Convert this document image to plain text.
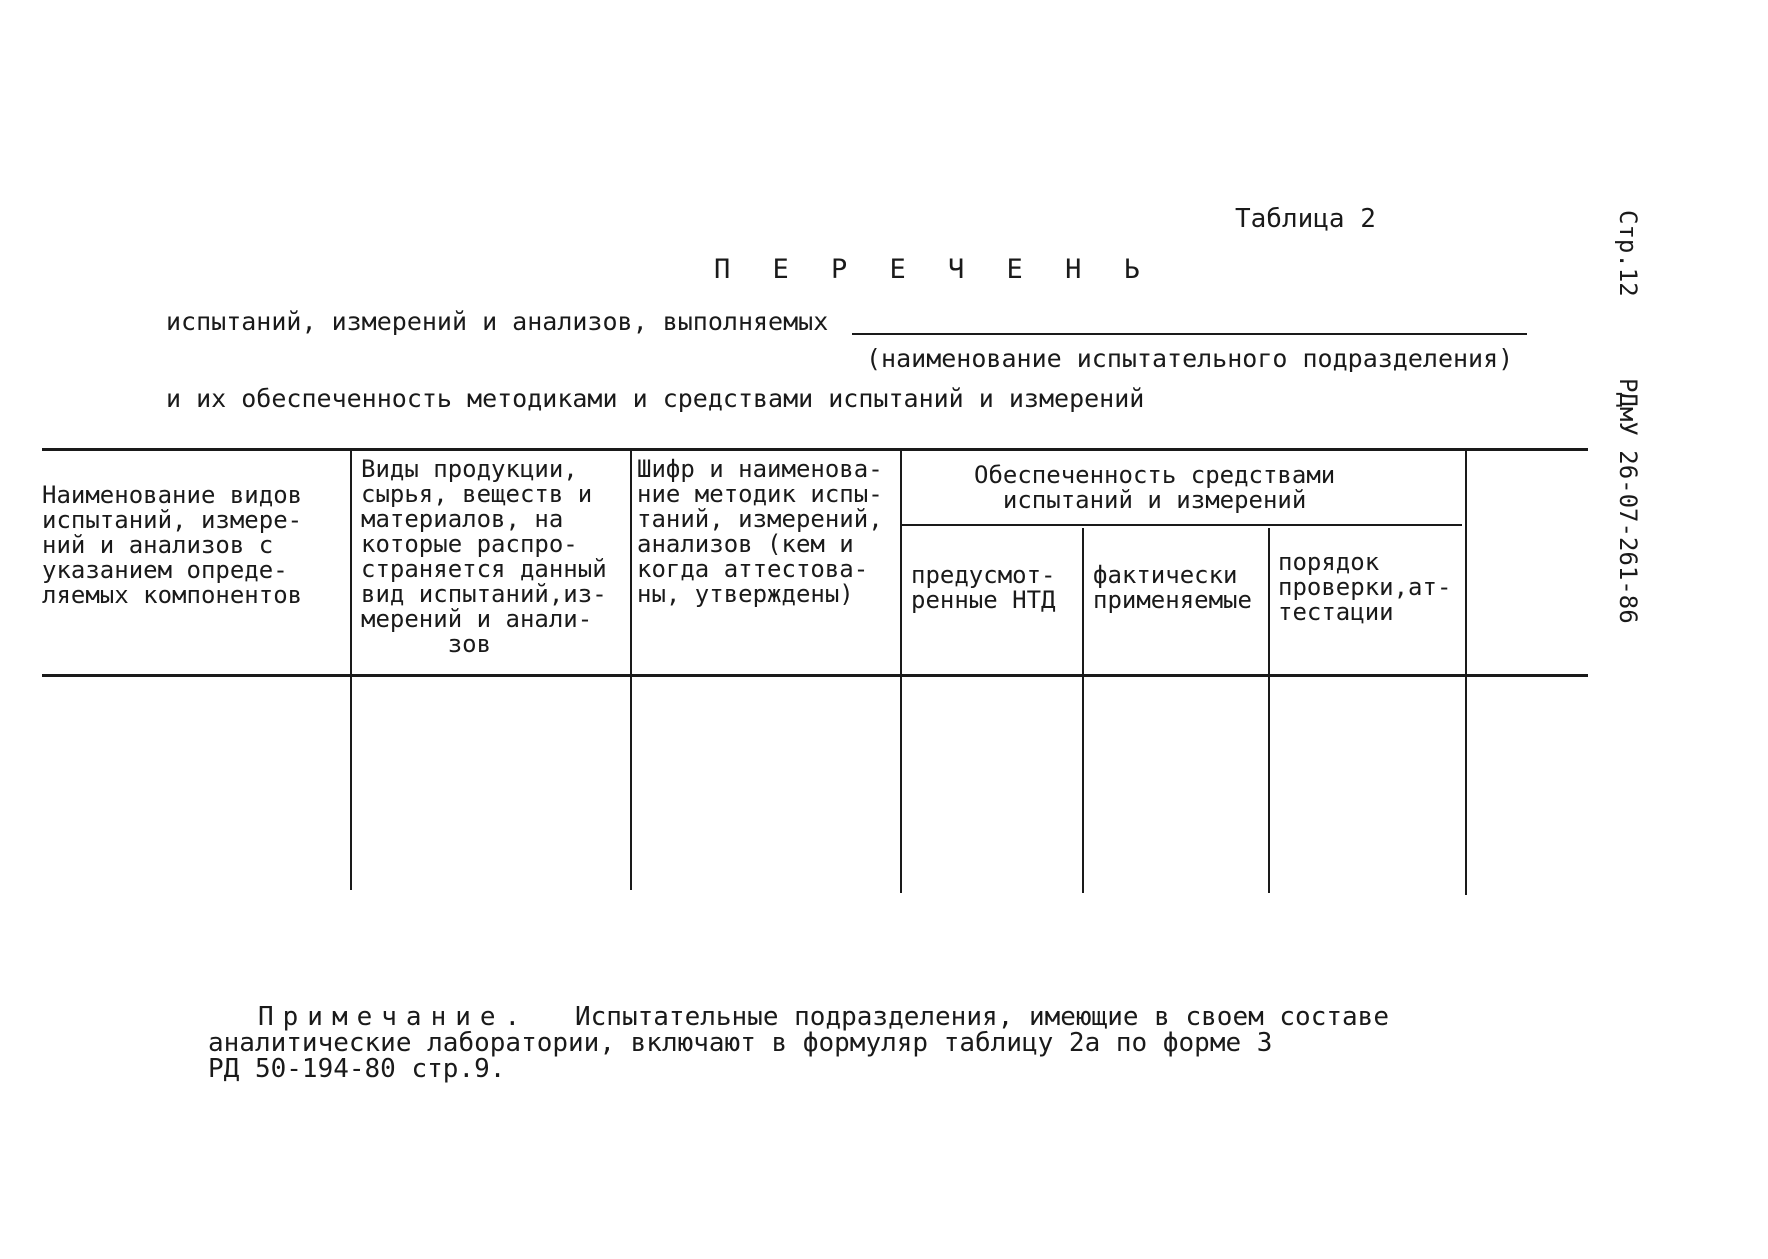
Таблица 2
П Е Р Е Ч Е Н Ь
испытаний, измерений и анализов, выполняемых
(наименование испытательного подразделения)
и их обеспеченность методиками и средствами испытаний и измерений
Стр.12
РДмУ 26-07-261-86
Наименование видов
испытаний, измере-
ний и анализов с
указанием опреде-
ляемых компонентов
Виды продукции,
сырья, веществ и
материалов, на
которые распро-
страняется данный
вид испытаний,из-
мерений и анали-
зов
Шифр и наименова-
ние методик испы-
таний, измерений,
анализов (кем и
когда аттестова-
ны, утверждены)
Обеспеченность средствами
испытаний и измерений
предусмот-
ренные НТД
фактически
применяемые
порядок
проверки,ат-
тестации
Примечание. Испытательные подразделения, имеющие в своем составе
аналитические лаборатории, включают в формуляр таблицу 2а по форме 3
РД 50-194-80 стр.9.
